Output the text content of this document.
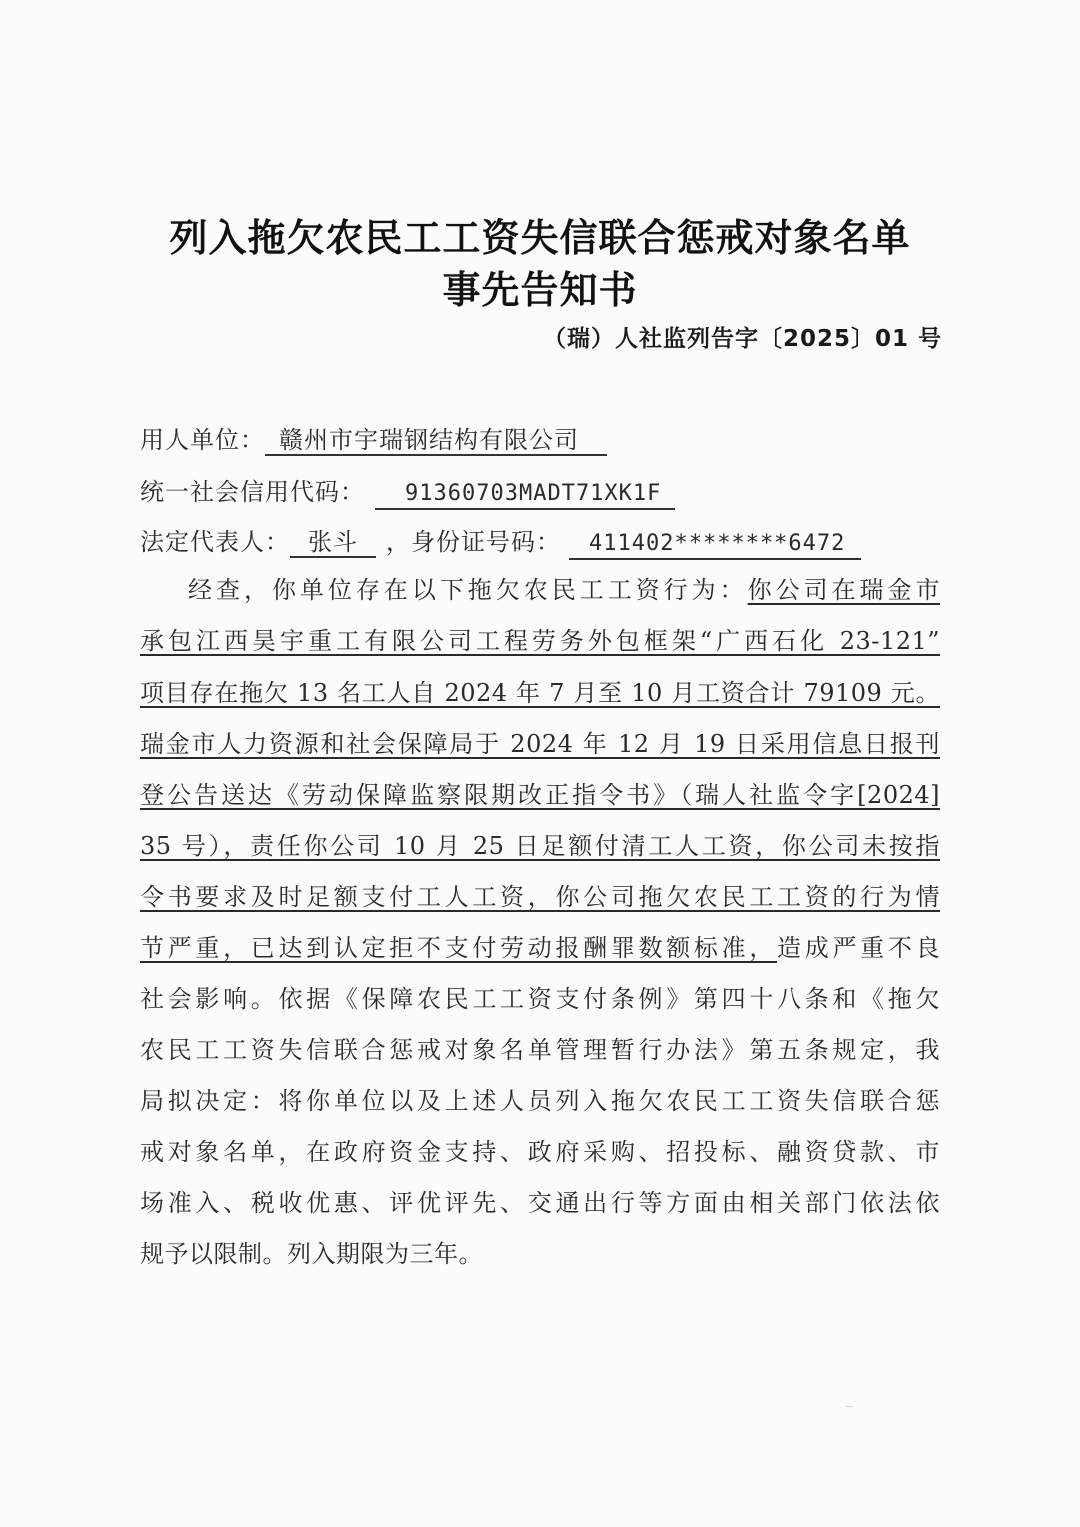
列入拖欠农民工工资失信联合惩戒对象名单
事先告知书
（瑞）人社监列告字〔2025〕01 号
用人单位： 赣州市宇瑞钢结构有限公司
统一社会信用代码： 91360703MADT71XK1F
法定代表人： 张斗 ，身份证号码： 411402********6472
经查，你单位存在以下拖欠农民工工资行为：你公司在瑞金市
承包江西昊宇重工有限公司工程劳务外包框架“广西石化 23-121”
项目存在拖欠 13 名工人自 2024 年 7 月至 10 月工资合计 79109 元。
瑞金市人力资源和社会保障局于 2024 年 12 月 19 日采用信息日报刊
登公告送达《劳动保障监察限期改正指令书》（瑞人社监令字[2024]
35 号），责任你公司 10 月 25 日足额付清工人工资，你公司未按指
令书要求及时足额支付工人工资，你公司拖欠农民工工资的行为情
节严重，已达到认定拒不支付劳动报酬罪数额标准，造成严重不良
社会影响。依据《保障农民工工资支付条例》第四十八条和《拖欠
农民工工资失信联合惩戒对象名单管理暂行办法》第五条规定，我
局拟决定：将你单位以及上述人员列入拖欠农民工工资失信联合惩
戒对象名单，在政府资金支持、政府采购、招投标、融资贷款、市
场准入、税收优惠、评优评先、交通出行等方面由相关部门依法依
规予以限制。列入期限为三年。
‾
